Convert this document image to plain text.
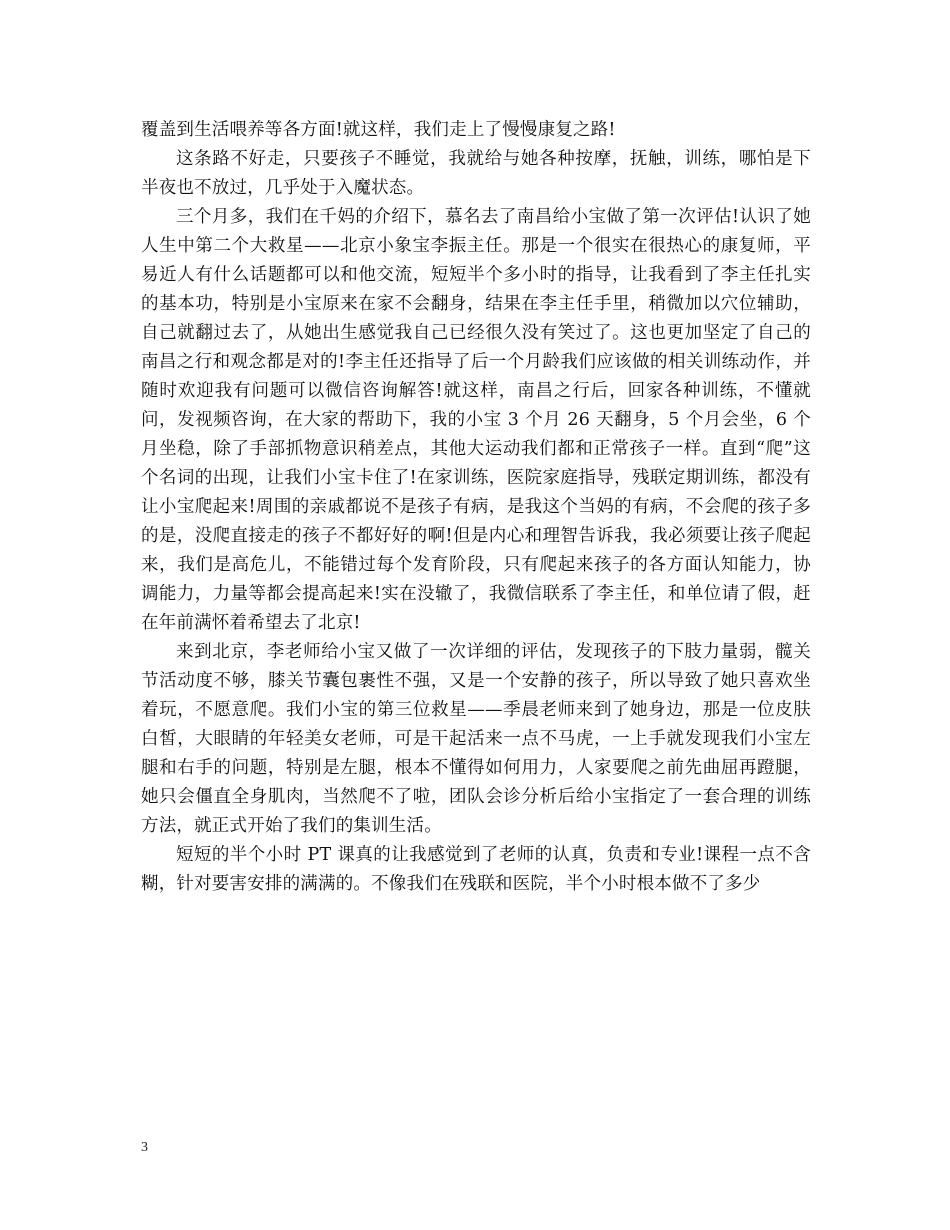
覆盖到生活喂养等各方面!就这样，我们走上了慢慢康复之路!

这条路不好走，只要孩子不睡觉，我就给与她各种按摩，抚触，训练，哪怕是下半夜也不放过，几乎处于入魔状态。

三个月多，我们在千妈的介绍下，慕名去了南昌给小宝做了第一次评估!认识了她人生中第二个大救星——北京小象宝李振主任。那是一个很实在很热心的康复师，平易近人有什么话题都可以和他交流，短短半个多小时的指导，让我看到了李主任扎实的基本功，特别是小宝原来在家不会翻身，结果在李主任手里，稍微加以穴位辅助，自己就翻过去了，从她出生感觉我自己已经很久没有笑过了。这也更加坚定了自己的南昌之行和观念都是对的!李主任还指导了后一个月龄我们应该做的相关训练动作，并随时欢迎我有问题可以微信咨询解答!就这样，南昌之行后，回家各种训练，不懂就问，发视频咨询，在大家的帮助下，我的小宝 3 个月 26 天翻身，5 个月会坐，6 个月坐稳，除了手部抓物意识稍差点，其他大运动我们都和正常孩子一样。直到“爬”这个名词的出现，让我们小宝卡住了!在家训练，医院家庭指导，残联定期训练，都没有让小宝爬起来!周围的亲戚都说不是孩子有病，是我这个当妈的有病，不会爬的孩子多的是，没爬直接走的孩子不都好好的啊!但是内心和理智告诉我，我必须要让孩子爬起来，我们是高危儿，不能错过每个发育阶段，只有爬起来孩子的各方面认知能力，协调能力，力量等都会提高起来!实在没辙了，我微信联系了李主任，和单位请了假，赶在年前满怀着希望去了北京!

来到北京，李老师给小宝又做了一次详细的评估，发现孩子的下肢力量弱，髋关节活动度不够，膝关节囊包裹性不强，又是一个安静的孩子，所以导致了她只喜欢坐着玩，不愿意爬。我们小宝的第三位救星——季晨老师来到了她身边，那是一位皮肤白皙，大眼睛的年轻美女老师，可是干起活来一点不马虎，一上手就发现我们小宝左腿和右手的问题，特别是左腿，根本不懂得如何用力，人家要爬之前先曲屈再蹬腿，她只会僵直全身肌肉，当然爬不了啦，团队会诊分析后给小宝指定了一套合理的训练方法，就正式开始了我们的集训生活。

短短的半个小时 PT 课真的让我感觉到了老师的认真，负责和专业!课程一点不含糊，针对要害安排的满满的。不像我们在残联和医院，半个小时根本做不了多少

3
